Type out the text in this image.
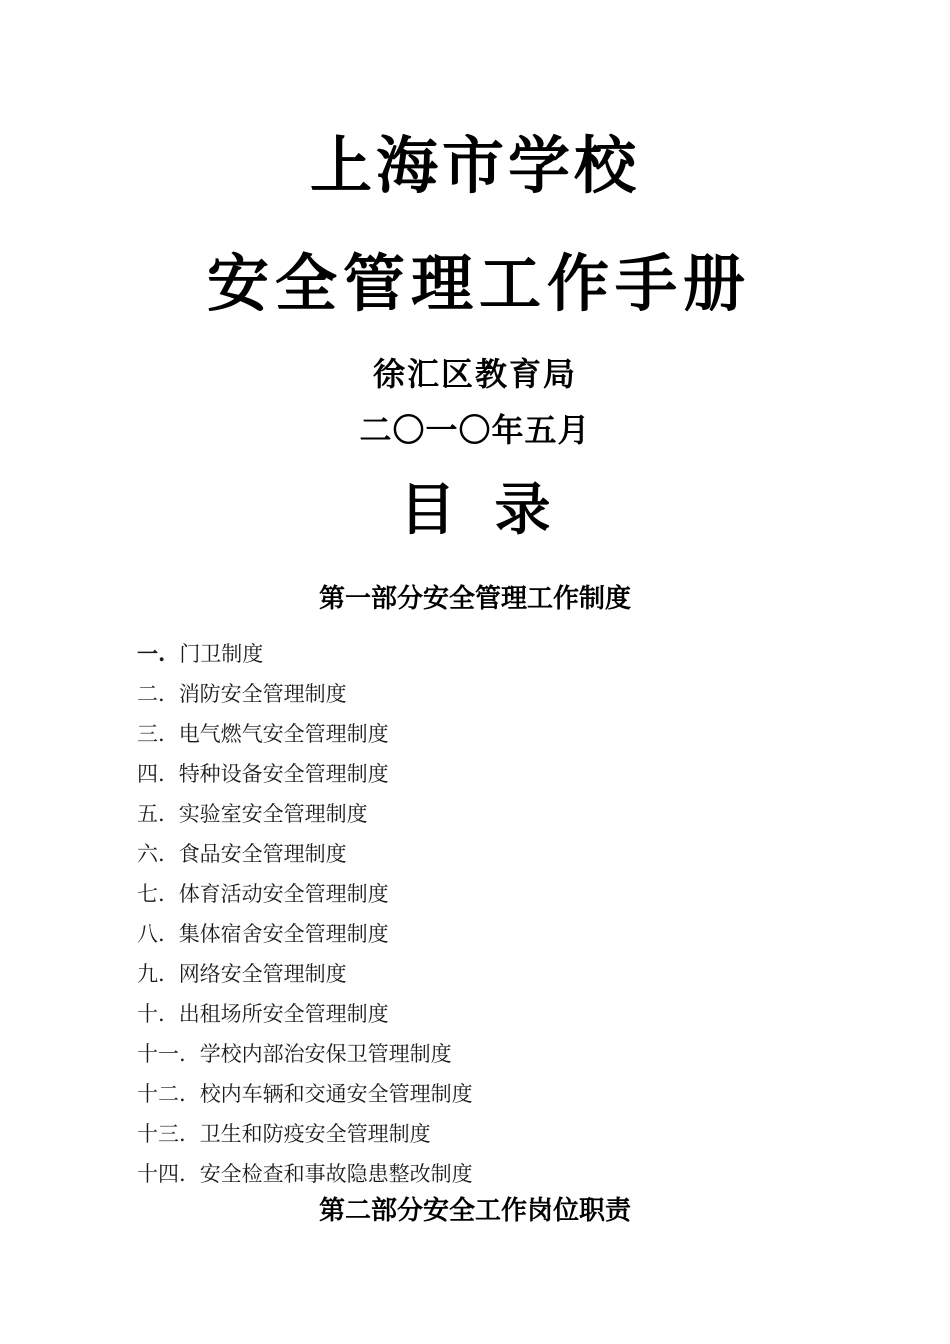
上海市学校
安全管理工作手册
徐汇区教育局
二〇一〇年五月
目  录
第一部分安全管理工作制度
一. 门卫制度
二. 消防安全管理制度
三. 电气燃气安全管理制度
四. 特种设备安全管理制度
五. 实验室安全管理制度
六. 食品安全管理制度
七. 体育活动安全管理制度
八. 集体宿舍安全管理制度
九. 网络安全管理制度
十. 出租场所安全管理制度
十一. 学校内部治安保卫管理制度
十二. 校内车辆和交通安全管理制度
十三. 卫生和防疫安全管理制度
十四. 安全检查和事故隐患整改制度
第二部分安全工作岗位职责
